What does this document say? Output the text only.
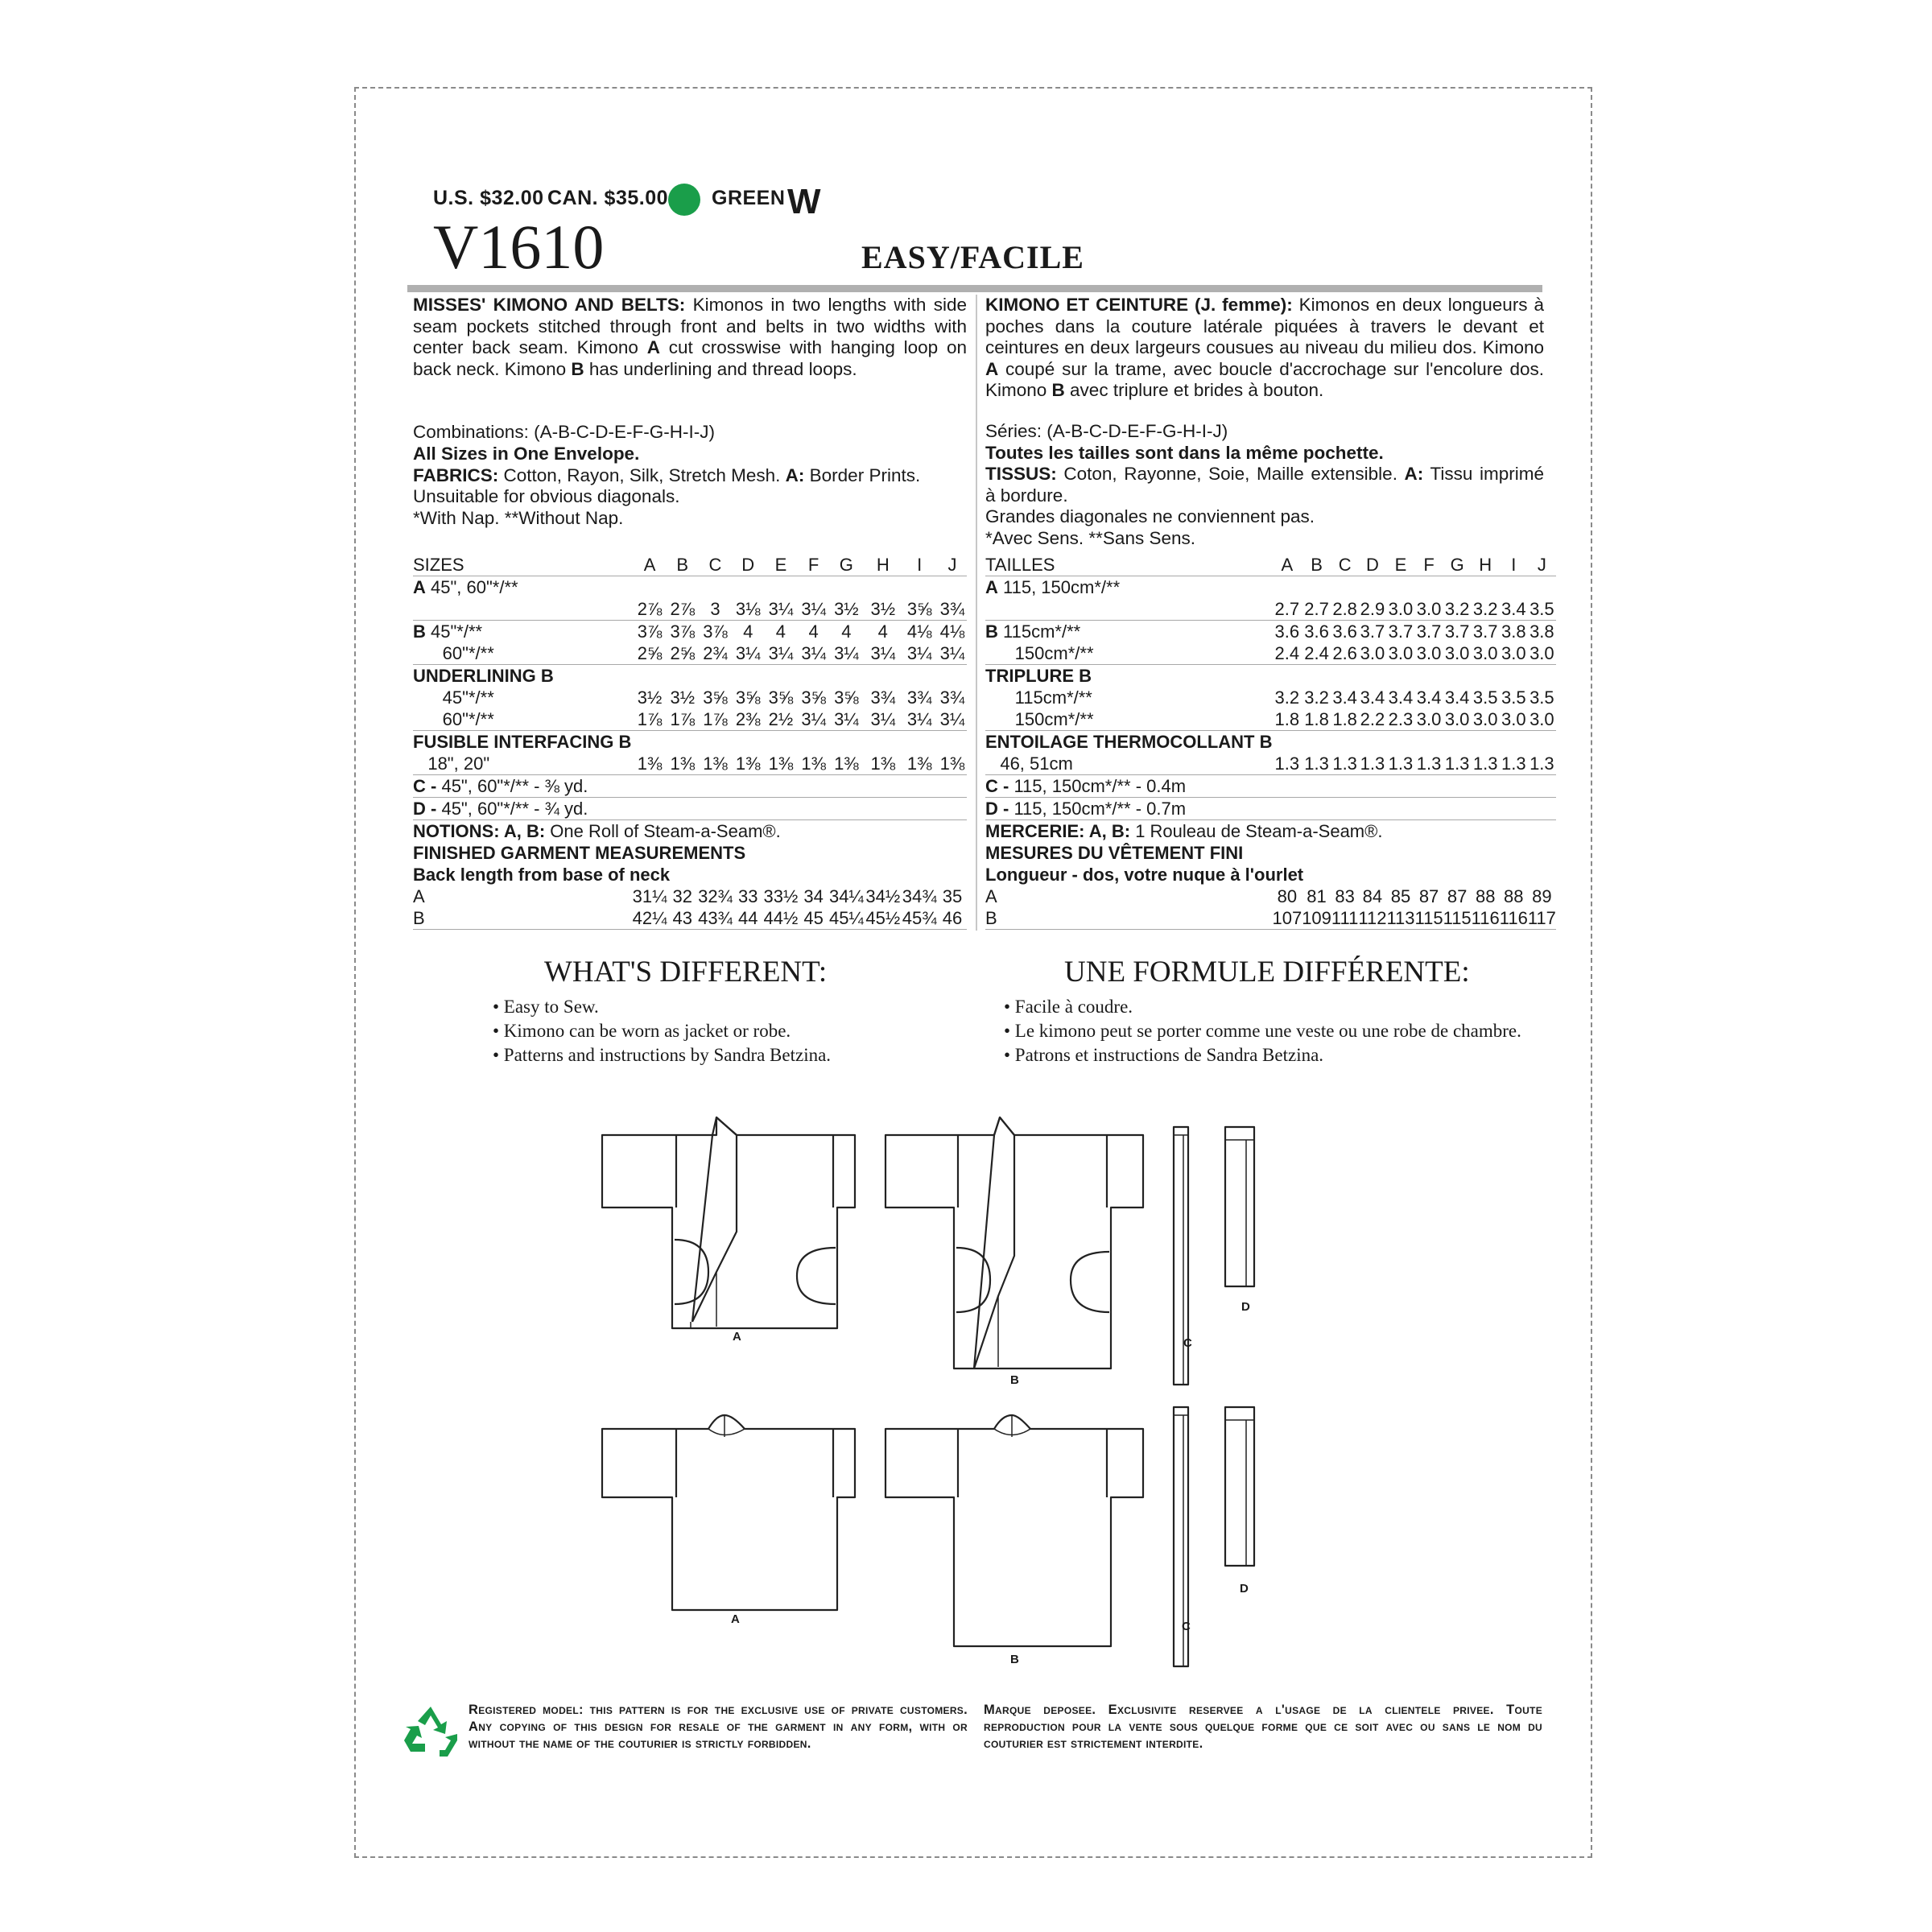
U.S. $32.00 CAN. $35.00 GREEN W
V1610	EASY/FACILE
MISSES' KIMONO AND BELTS: Kimonos in two lengths with side seam pockets stitched through front and belts in two widths with center back seam. Kimono A cut crosswise with hanging loop on back neck. Kimono B has underlining and thread loops.
Combinations: (A-B-C-D-E-F-G-H-I-J)
All Sizes in One Envelope.
FABRICS: Cotton, Rayon, Silk, Stretch Mesh. A: Border Prints. Unsuitable for obvious diagonals.
*With Nap. **Without Nap.
SIZES	A	B	C	D	E	F	G	H	I	J
A 45", 60"*/**										
	2⅞	2⅞	3	3⅛	3¼	3¼	3½	3½	3⅝	3¾
B 45"*/**	3⅞	3⅞	3⅞	4	4	4	4	4	4⅛	4⅛
60"*/**	2⅝	2⅝	2¾	3¼	3¼	3¼	3¼	3¼	3¼	3¼
UNDERLINING B										
45"*/**	3½	3½	3⅝	3⅝	3⅝	3⅝	3⅝	3¾	3¾	3¾
60"*/**	1⅞	1⅞	1⅞	2⅜	2½	3¼	3¼	3¼	3¼	3¼
FUSIBLE INTERFACING B										
18", 20"	1⅜	1⅜	1⅜	1⅜	1⅜	1⅜	1⅜	1⅜	1⅜	1⅜
C - 45", 60"*/** - ⅜ yd.										
D - 45", 60"*/** - ¾ yd.										
NOTIONS: A, B: One Roll of Steam-a-Seam®.										
FINISHED GARMENT MEASUREMENTS										
Back length from base of neck										
A	31¼	32	32¾	33	33½	34	34¼	34½	34¾	35
B	42¼	43	43¾	44	44½	45	45¼	45½	45¾	46
KIMONO ET CEINTURE (J. femme): Kimonos en deux longueurs à poches dans la couture latérale piquées à travers le devant et ceintures en deux largeurs cousues au niveau du milieu dos. Kimono A coupé sur la trame, avec boucle d'accrochage sur l'encolure dos. Kimono B avec triplure et brides à bouton.
Séries: (A-B-C-D-E-F-G-H-I-J)
Toutes les tailles sont dans la même pochette.
TISSUS: Coton, Rayonne, Soie, Maille extensible. A: Tissu imprimé à bordure.
Grandes diagonales ne conviennent pas.
*Avec Sens. **Sans Sens.
TAILLES	A	B	C	D	E	F	G	H	I	J
A 115, 150cm*/**										
	2.7	2.7	2.8	2.9	3.0	3.0	3.2	3.2	3.4	3.5
B 115cm*/**	3.6	3.6	3.6	3.7	3.7	3.7	3.7	3.7	3.8	3.8
150cm*/**	2.4	2.4	2.6	3.0	3.0	3.0	3.0	3.0	3.0	3.0
TRIPLURE B										
115cm*/**	3.2	3.2	3.4	3.4	3.4	3.4	3.4	3.5	3.5	3.5
150cm*/**	1.8	1.8	1.8	2.2	2.3	3.0	3.0	3.0	3.0	3.0
ENTOILAGE THERMOCOLLANT B										
46, 51cm	1.3	1.3	1.3	1.3	1.3	1.3	1.3	1.3	1.3	1.3
C - 115, 150cm*/** - 0.4m										
D - 115, 150cm*/** - 0.7m										
MERCERIE: A, B: 1 Rouleau de Steam-a-Seam®.										
MESURES DU VÊTEMENT FINI										
Longueur - dos, votre nuque à l'ourlet										
A	80	81	83	84	85	87	87	88	88	89
B	107	109	111	112	113	115	115	116	116	117
WHAT'S DIFFERENT:
• Easy to Sew.
• Kimono can be worn as jacket or robe.
• Patterns and instructions by Sandra Betzina.
UNE FORMULE DIFFÉRENTE:
• Facile à coudre.
• Le kimono peut se porter comme une veste ou une robe de chambre.
• Patrons et instructions de Sandra Betzina.
A
B
C
D
A
B
C
D
Registered model: this pattern is for the exclusive use of private customers. Any copying of this design for resale of the garment in any form, with or without the name of the couturier is strictly forbidden.
Marque deposee. Exclusivite reservee a l'usage de la clientele privee. Toute reproduction pour la vente sous quelque forme que ce soit avec ou sans le nom du couturier est strictement interdite.
